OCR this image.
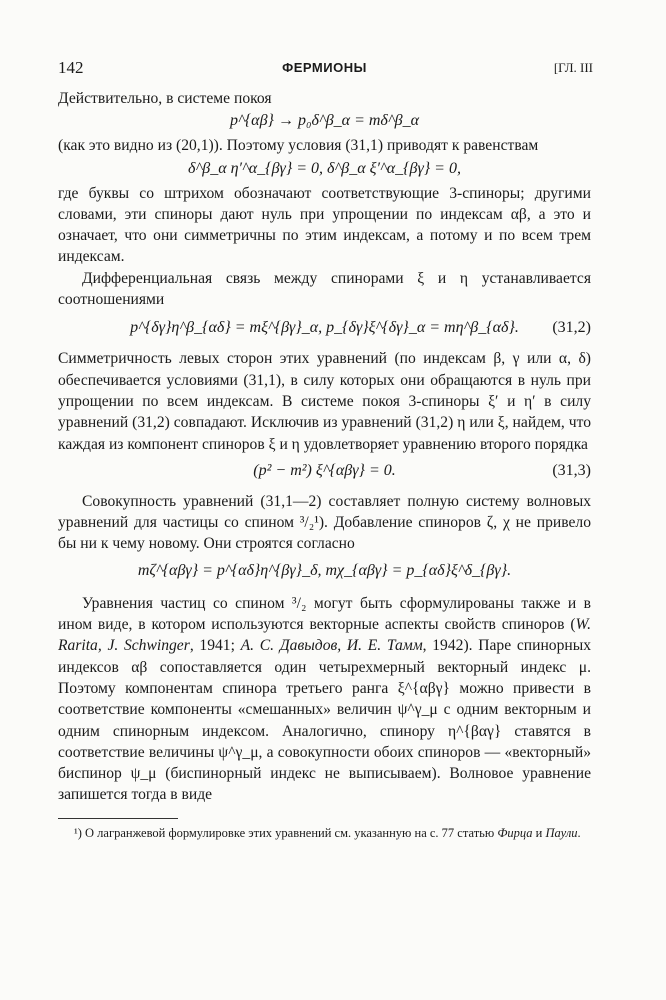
142	ФЕРМИОНЫ	[ГЛ. III

Действительно, в системе покоя

p^{αβ} → p₀δ^β_α = mδ^β_α

(как это видно из (20,1)). Поэтому условия (31,1) приводят к равенствам

δ^β_α η′^α_{βγ} = 0, δ^β_α ξ′^α_{βγ} = 0,

где буквы со штрихом обозначают соответствующие 3-спиноры; другими словами, эти спиноры дают нуль при упрощении по индексам αβ, а это и означает, что они симметричны по этим индексам, а потому и по всем трем индексам.

Дифференциальная связь между спинорами ξ и η устанавливается соотношениями

p^{δγ}η^β_{αδ} = mξ^{βγ}_α, p_{δγ}ξ^{δγ}_α = mη^β_{αδ}.	(31,2)

Симметричность левых сторон этих уравнений (по индексам β, γ или α, δ) обеспечивается условиями (31,1), в силу которых они обращаются в нуль при упрощении по всем индексам. В системе покоя 3-спиноры ξ′ и η′ в силу уравнений (31,2) совпадают. Исключив из уравнений (31,2) η или ξ, найдем, что каждая из компонент спиноров ξ и η удовлетворяет уравнению второго порядка

(p² − m²) ξ^{αβγ} = 0.	(31,3)

Совокупность уравнений (31,1—2) составляет полную систему волновых уравнений для частицы со спином ³/₂¹). Добавление спиноров ζ, χ не привело бы ни к чему новому. Они строятся согласно

mζ^{αβγ} = p^{αδ}η^{βγ}_δ, mχ_{αβγ} = p_{αδ}ξ^δ_{βγ}.

Уравнения частиц со спином ³/₂ могут быть сформулированы также и в ином виде, в котором используются векторные аспекты свойств спиноров (W. Rarita, J. Schwinger, 1941; А. С. Давыдов, И. Е. Тамм, 1942). Паре спинорных индексов αβ сопоставляется один четырехмерный векторный индекс μ. Поэтому компонентам спинора третьего ранга ξ^{αβγ} можно привести в соответствие компоненты «смешанных» величин ψ^γ_μ с одним векторным и одним спинорным индексом. Аналогично, спинору η^{βαγ} ставятся в соответствие величины ψ^γ_μ, а совокупности обоих спиноров — «векторный» биспинор ψ_μ (биспинорный индекс не выписываем). Волновое уравнение запишется тогда в виде

¹) О лагранжевой формулировке этих уравнений см. указанную на с. 77 статью Фирца и Паули.
